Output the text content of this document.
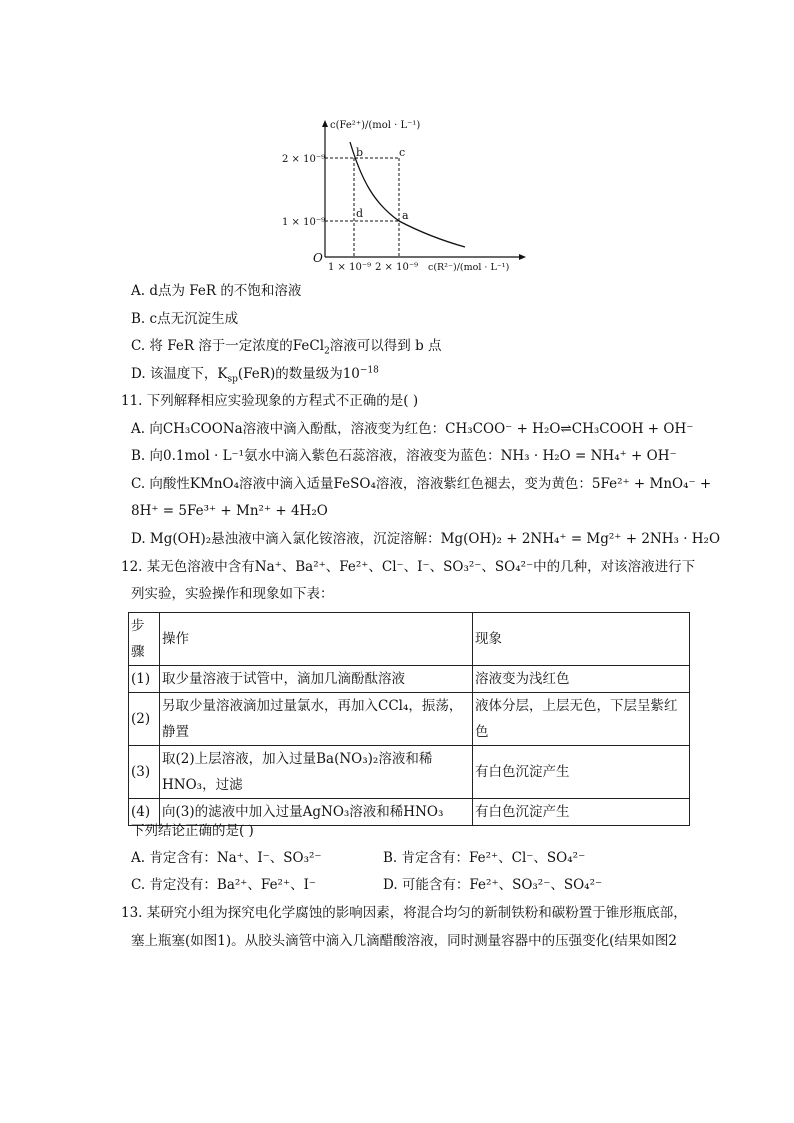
c(Fe²⁺)/(mol · L⁻¹)
c(R²⁻)/(mol · L⁻¹)
O
2 × 10⁻⁹
1 × 10⁻⁹
1 × 10⁻⁹ 2 × 10⁻⁹
b	c
d	a
A. d点为 FeR 的不饱和溶液
B. c点无沉淀生成
C. 将 FeR 溶于一定浓度的FeCl$_2$溶液可以得到 b 点
D. 该温度下，$K_{sp}(FeR)$的数量级为$10^{-18}$
11. 下列解释相应实验现象的方程式不正确的是( )
A. 向CH₃COONa溶液中滴入酚酞，溶液变为红色：CH₃COO⁻ + H₂O⇌CH₃COOH + OH⁻
B. 向0.1mol · L⁻¹氨水中滴入紫色石蕊溶液，溶液变为蓝色：NH₃ · H₂O = NH₄⁺ + OH⁻
C. 向酸性KMnO₄溶液中滴入适量FeSO₄溶液，溶液紫红色褪去，变为黄色：5Fe²⁺ + MnO₄⁻ +
8H⁺ = 5Fe³⁺ + Mn²⁺ + 4H₂O
D. Mg(OH)₂悬浊液中滴入氯化铵溶液，沉淀溶解：Mg(OH)₂ + 2NH₄⁺ = Mg²⁺ + 2NH₃ · H₂O
12. 某无色溶液中含有Na⁺、Ba²⁺、Fe²⁺、Cl⁻、I⁻、SO₃²⁻、SO₄²⁻中的几种，对该溶液进行下
列实验，实验操作和现象如下表：
步骤	操作	现象
(1)	取少量溶液于试管中，滴加几滴酚酞溶液	溶液变为浅红色
(2)	另取少量溶液滴加过量氯水，再加入CCl₄，振荡，静置	液体分层，上层无色，下层呈紫红色
(3)	取(2)上层溶液，加入过量Ba(NO₃)₂溶液和稀HNO₃，过滤	有白色沉淀产生
(4)	向(3)的滤液中加入过量AgNO₃溶液和稀HNO₃	有白色沉淀产生
下列结论正确的是( )
A. 肯定含有：Na⁺、I⁻、SO₃²⁻	B. 肯定含有：Fe²⁺、Cl⁻、SO₄²⁻
C. 肯定没有：Ba²⁺、Fe²⁺、I⁻	D. 可能含有：Fe²⁺、SO₃²⁻、SO₄²⁻
13. 某研究小组为探究电化学腐蚀的影响因素，将混合均匀的新制铁粉和碳粉置于锥形瓶底部，
塞上瓶塞(如图1)。从胶头滴管中滴入几滴醋酸溶液，同时测量容器中的压强变化(结果如图2
